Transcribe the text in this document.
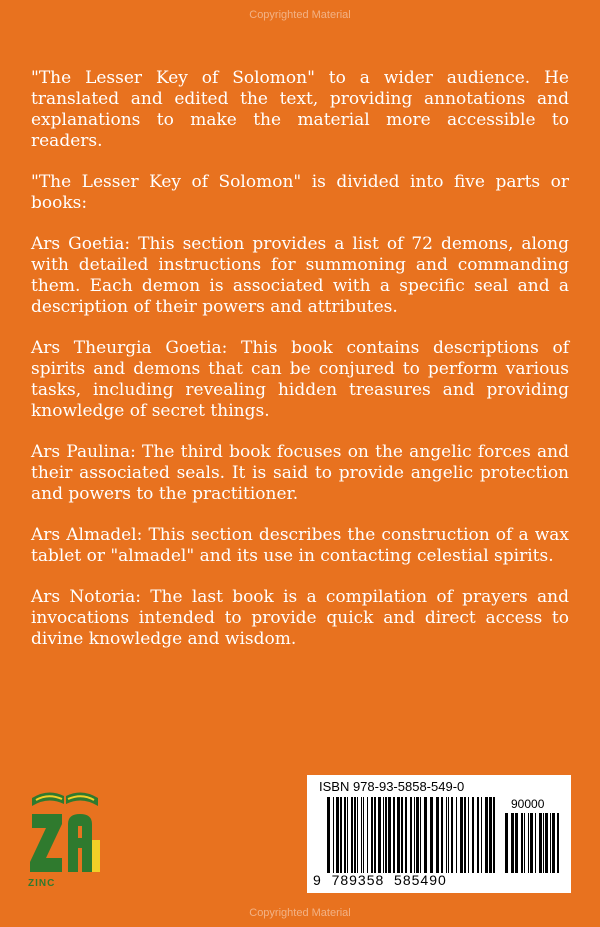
Copyrighted Material

"The Lesser Key of Solomon" to a wider audience. He translated and edited the text, providing annotations and explanations to make the material more accessible to readers.

"The Lesser Key of Solomon" is divided into five parts or books:

Ars Goetia: This section provides a list of 72 demons, along with detailed instructions for summoning and commanding them. Each demon is associated with a specific seal and a description of their powers and attributes.

Ars Theurgia Goetia: This book contains descriptions of spirits and demons that can be conjured to perform various tasks, including revealing hidden treasures and providing knowledge of secret things.

Ars Paulina: The third book focuses on the angelic forces and their associated seals. It is said to provide angelic protection and powers to the practitioner.

Ars Almadel: This section describes the construction of a wax tablet or "almadel" and its use in contacting celestial spirits.

Ars Notoria: The last book is a compilation of prayers and invocations intended to provide quick and direct access to divine knowledge and wisdom.

ZINC
ISBN 978-93-5858-549-0
90000
9  789358  585490
Copyrighted Material
